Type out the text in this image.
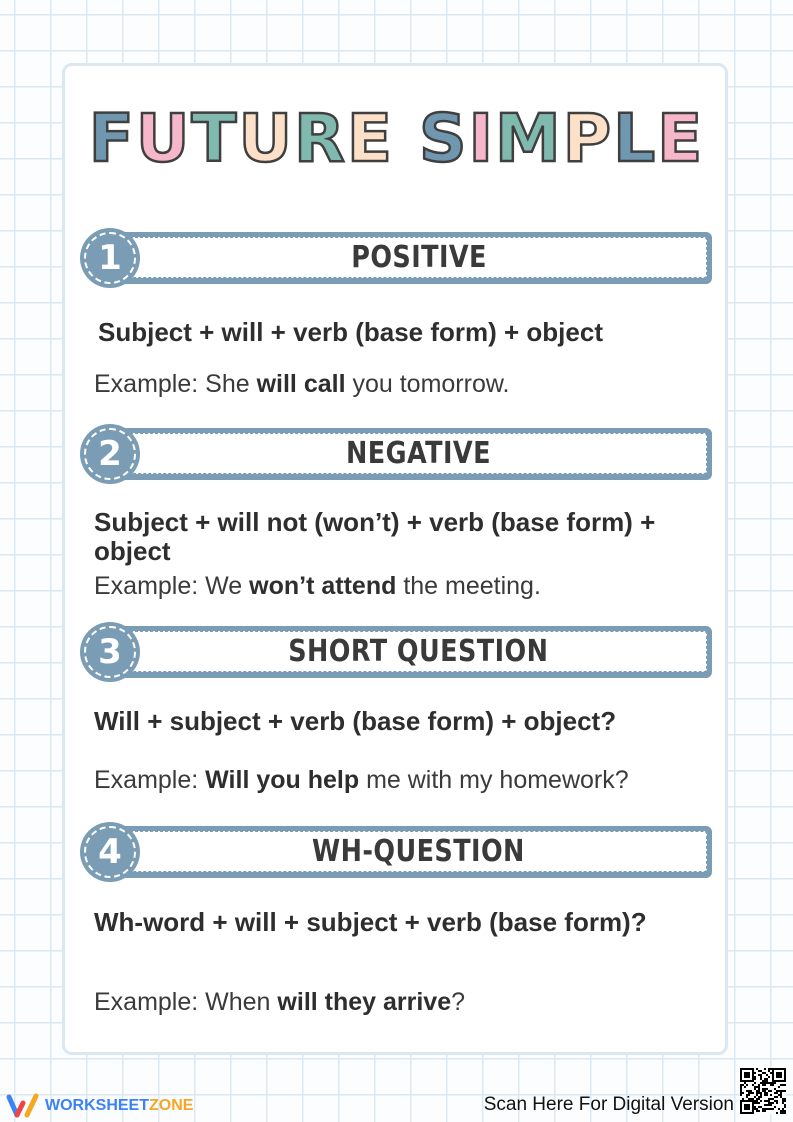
FUTURE SIMPLE
POSITIVE
1
Subject + will + verb (base form) + object
Example: She will call you tomorrow.
NEGATIVE
2
Subject + will not (won’t) + verb (base form) + object
Example: We won’t attend the meeting.
SHORT QUESTION
3
Will + subject + verb (base form) + object?
Example: Will you help me with my homework?
WH-QUESTION
4
Wh-word + will + subject + verb (base form)?
Example: When will they arrive?
WORKSHEETZONE	Scan Here For Digital Version
